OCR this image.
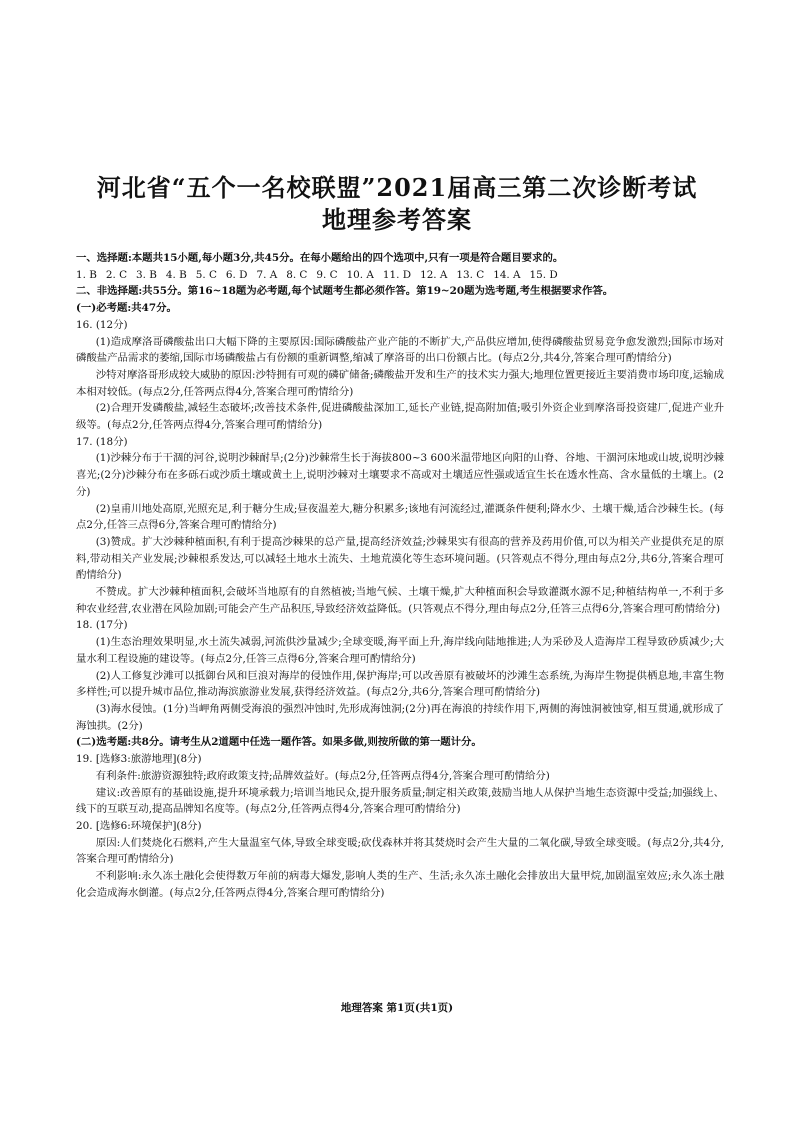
河北省“五个一名校联盟”2021届高三第二次诊断考试
地理参考答案

一、选择题:本题共15小题,每小题3分,共45分。在每小题给出的四个选项中,只有一项是符合题目要求的。

1. B 2. C 3. B 4. B 5. C 6. D 7. A 8. C 9. C 10. A 11. D 12. A 13. C 14. A 15. D

二、非选择题:共55分。第16~18题为必考题,每个试题考生都必须作答。第19~20题为选考题,考生根据要求作答。

(一)必考题:共47分。

16. (12分)

(1)造成摩洛哥磷酸盐出口大幅下降的主要原因:国际磷酸盐产业产能的不断扩大,产品供应增加,使得磷酸盐贸易竞争愈发激烈;国际市场对磷酸盐产品需求的萎缩,国际市场磷酸盐占有份额的重新调整,缩减了摩洛哥的出口份额占比。(每点2分,共4分,答案合理可酌情给分)

沙特对摩洛哥形成较大威胁的原因:沙特拥有可观的磷矿储备;磷酸盐开发和生产的技术实力强大;地理位置更接近主要消费市场印度,运输成本相对较低。(每点2分,任答两点得4分,答案合理可酌情给分)

(2)合理开发磷酸盐,减轻生态破坏;改善技术条件,促进磷酸盐深加工,延长产业链,提高附加值;吸引外资企业到摩洛哥投资建厂,促进产业升级等。(每点2分,任答两点得4分,答案合理可酌情给分)

17. (18分)

(1)沙棘分布于干涸的河谷,说明沙棘耐旱;(2分)沙棘常生长于海拔800~3 600米温带地区向阳的山脊、谷地、干涸河床地或山坡,说明沙棘喜光;(2分)沙棘分布在多砾石或沙质土壤或黄土上,说明沙棘对土壤要求不高或对土壤适应性强或适宜生长在透水性高、含水量低的土壤上。(2分)

(2)皇甫川地处高原,光照充足,利于糖分生成;昼夜温差大,糖分积累多;该地有河流经过,灌溉条件便利;降水少、土壤干燥,适合沙棘生长。(每点2分,任答三点得6分,答案合理可酌情给分)

(3)赞成。扩大沙棘种植面积,有利于提高沙棘果的总产量,提高经济效益;沙棘果实有很高的营养及药用价值,可以为相关产业提供充足的原料,带动相关产业发展;沙棘根系发达,可以减轻土地水土流失、土地荒漠化等生态环境问题。(只答观点不得分,理由每点2分,共6分,答案合理可酌情给分)

不赞成。扩大沙棘种植面积,会破坏当地原有的自然植被;当地气候、土壤干燥,扩大种植面积会导致灌溉水源不足;种植结构单一,不利于多种农业经营,农业潜在风险加剧;可能会产生产品积压,导致经济效益降低。(只答观点不得分,理由每点2分,任答三点得6分,答案合理可酌情给分)

18. (17分)

(1)生态治理效果明显,水土流失减弱,河流供沙量减少;全球变暖,海平面上升,海岸线向陆地推进;人为采砂及人造海岸工程导致砂质减少;大量水利工程设施的建设等。(每点2分,任答三点得6分,答案合理可酌情给分)

(2)人工修复沙滩可以抵御台风和巨浪对海岸的侵蚀作用,保护海岸;可以改善原有被破坏的沙滩生态系统,为海岸生物提供栖息地,丰富生物多样性;可以提升城市品位,推动海滨旅游业发展,获得经济效益。(每点2分,共6分,答案合理可酌情给分)

(3)海水侵蚀。(1分)当岬角两侧受海浪的强烈冲蚀时,先形成海蚀洞;(2分)再在海浪的持续作用下,两侧的海蚀洞被蚀穿,相互贯通,就形成了海蚀拱。(2分)

(二)选考题:共8分。请考生从2道题中任选一题作答。如果多做,则按所做的第一题计分。

19. [选修3:旅游地理](8分)

有利条件:旅游资源独特;政府政策支持;品牌效益好。(每点2分,任答两点得4分,答案合理可酌情给分)

建议:改善原有的基础设施,提升环境承载力;培训当地民众,提升服务质量;制定相关政策,鼓励当地人从保护当地生态资源中受益;加强线上、线下的互联互动,提高品牌知名度等。(每点2分,任答两点得4分,答案合理可酌情给分)

20. [选修6:环境保护](8分)

原因:人们焚烧化石燃料,产生大量温室气体,导致全球变暖;砍伐森林并将其焚烧时会产生大量的二氧化碳,导致全球变暖。(每点2分,共4分,答案合理可酌情给分)

不利影响:永久冻土融化会使得数万年前的病毒大爆发,影响人类的生产、生活;永久冻土融化会排放出大量甲烷,加剧温室效应;永久冻土融化会造成海水倒灌。(每点2分,任答两点得4分,答案合理可酌情给分)

地理答案 第1页(共1页)
